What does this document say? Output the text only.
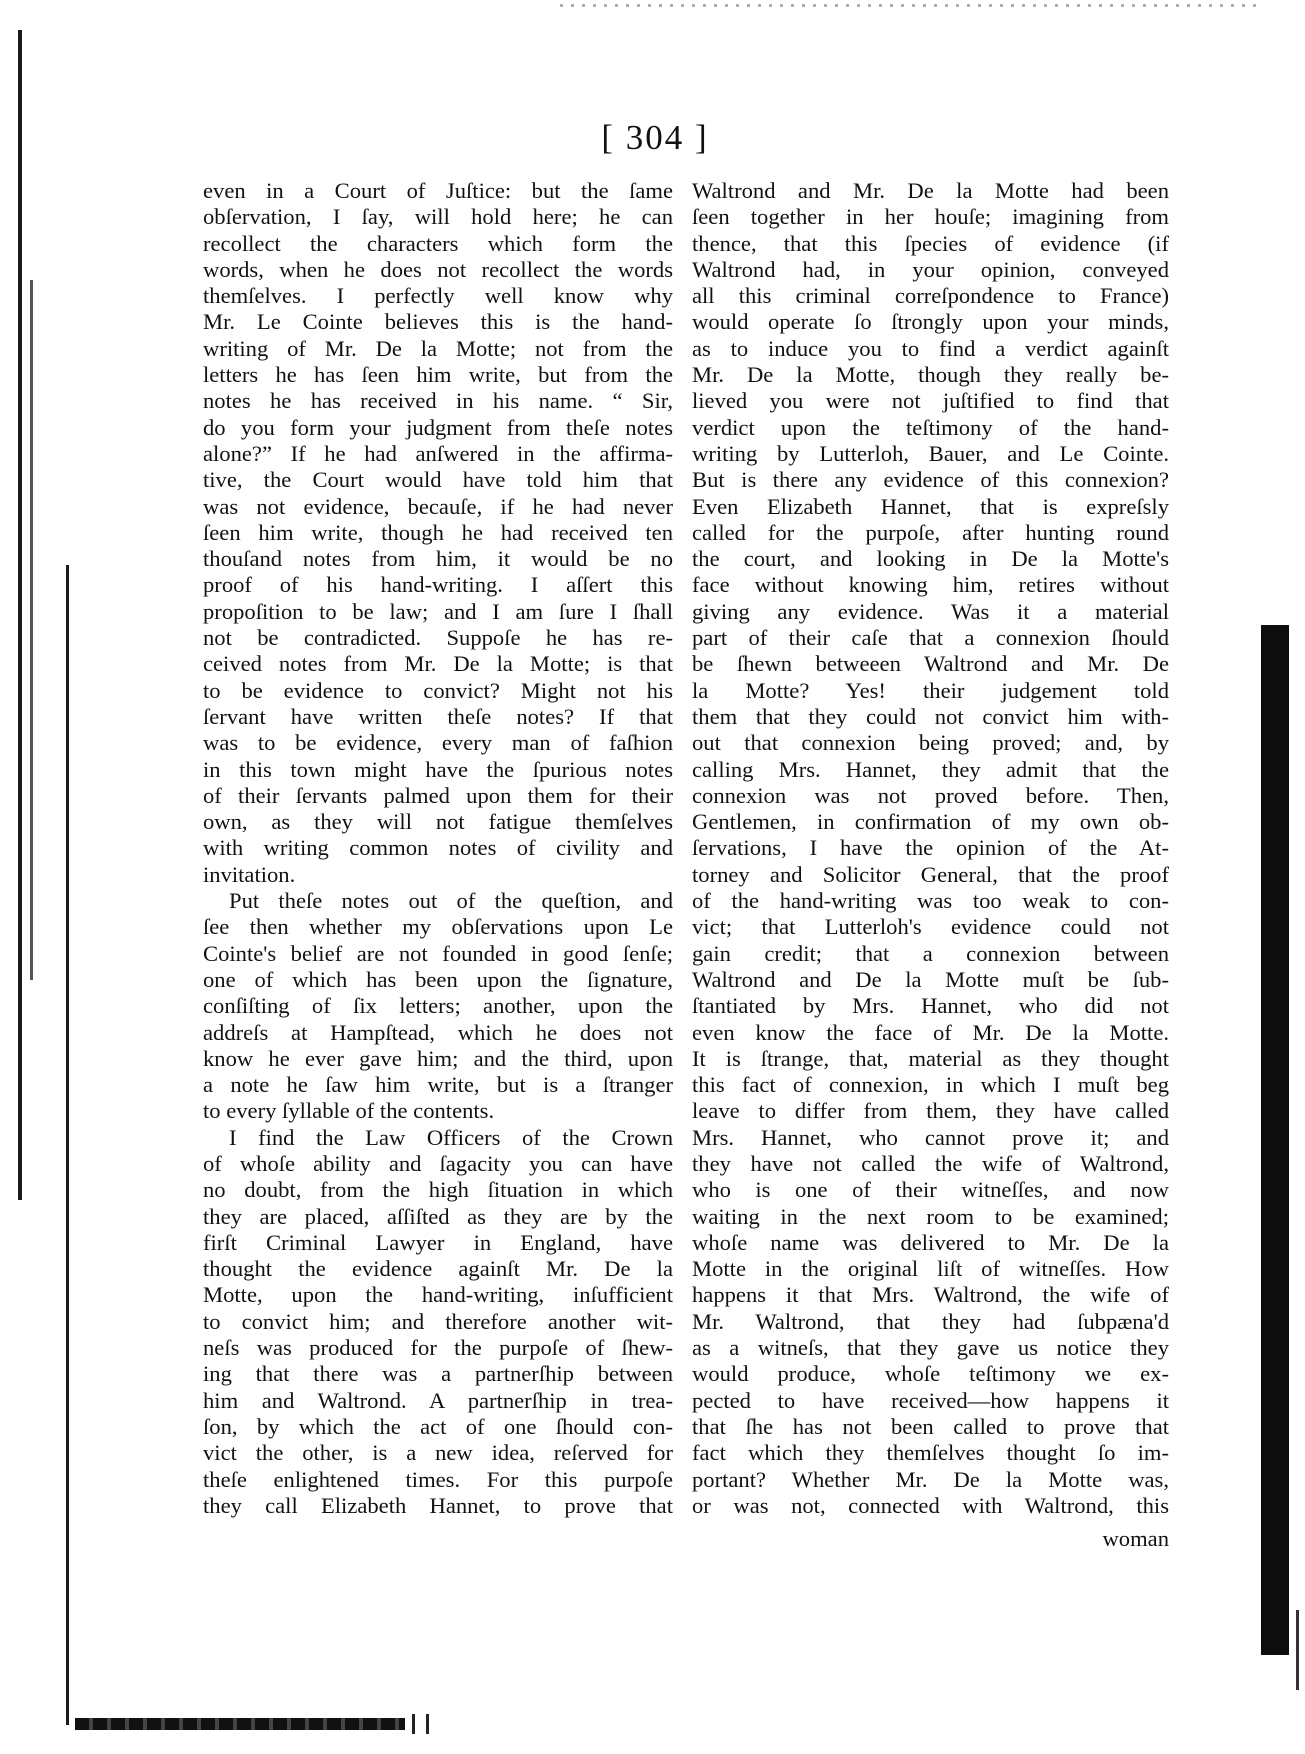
[ 304 ]
even in a Court of Juſtice: but the ſame
obſervation, I ſay, will hold here; he can
recollect the characters which form the
words, when he does not recollect the words
themſelves. I perfectly well know why
Mr. Le Cointe believes this is the hand-
writing of Mr. De la Motte; not from the
letters he has ſeen him write, but from the
notes he has received in his name. “ Sir,
do you form your judgment from theſe notes
alone?” If he had anſwered in the affirma-
tive, the Court would have told him that
was not evidence, becauſe, if he had never
ſeen him write, though he had received ten
thouſand notes from him, it would be no
proof of his hand-writing. I aſſert this
propoſition to be law; and I am ſure I ſhall
not be contradicted. Suppoſe he has re-
ceived notes from Mr. De la Motte; is that
to be evidence to convict? Might not his
ſervant have written theſe notes? If that
was to be evidence, every man of faſhion
in this town might have the ſpurious notes
of their ſervants palmed upon them for their
own, as they will not fatigue themſelves
with writing common notes of civility and
invitation.
Put theſe notes out of the queſtion, and
ſee then whether my obſervations upon Le
Cointe's belief are not founded in good ſenſe;
one of which has been upon the ſignature,
conſiſting of ſix letters; another, upon the
addreſs at Hampſtead, which he does not
know he ever gave him; and the third, upon
a note he ſaw him write, but is a ſtranger
to every ſyllable of the contents.
I find the Law Officers of the Crown
of whoſe ability and ſagacity you can have
no doubt, from the high ſituation in which
they are placed, aſſiſted as they are by the
firſt Criminal Lawyer in England, have
thought the evidence againſt Mr. De la
Motte, upon the hand-writing, inſufficient
to convict him; and therefore another wit-
neſs was produced for the purpoſe of ſhew-
ing that there was a partnerſhip between
him and Waltrond. A partnerſhip in trea-
ſon, by which the act of one ſhould con-
vict the other, is a new idea, reſerved for
theſe enlightened times. For this purpoſe
they call Elizabeth Hannet, to prove that
Waltrond and Mr. De la Motte had been
ſeen together in her houſe; imagining from
thence, that this ſpecies of evidence (if
Waltrond had, in your opinion, conveyed
all this criminal correſpondence to France)
would operate ſo ſtrongly upon your minds,
as to induce you to find a verdict againſt
Mr. De la Motte, though they really be-
lieved you were not juſtified to find that
verdict upon the teſtimony of the hand-
writing by Lutterloh, Bauer, and Le Cointe.
But is there any evidence of this connexion?
Even Elizabeth Hannet, that is expreſsly
called for the purpoſe, after hunting round
the court, and looking in De la Motte's
face without knowing him, retires without
giving any evidence. Was it a material
part of their caſe that a connexion ſhould
be ſhewn betweeen Waltrond and Mr. De
la Motte? Yes! their judgement told
them that they could not convict him with-
out that connexion being proved; and, by
calling Mrs. Hannet, they admit that the
connexion was not proved before. Then,
Gentlemen, in confirmation of my own ob-
ſervations, I have the opinion of the At-
torney and Solicitor General, that the proof
of the hand-writing was too weak to con-
vict; that Lutterloh's evidence could not
gain credit; that a connexion between
Waltrond and De la Motte muſt be ſub-
ſtantiated by Mrs. Hannet, who did not
even know the face of Mr. De la Motte.
It is ſtrange, that, material as they thought
this fact of connexion, in which I muſt beg
leave to differ from them, they have called
Mrs. Hannet, who cannot prove it; and
they have not called the wife of Waltrond,
who is one of their witneſſes, and now
waiting in the next room to be examined;
whoſe name was delivered to Mr. De la
Motte in the original liſt of witneſſes. How
happens it that Mrs. Waltrond, the wife of
Mr. Waltrond, that they had ſubpæna'd
as a witneſs, that they gave us notice they
would produce, whoſe teſtimony we ex-
pected to have received—how happens it
that ſhe has not been called to prove that
fact which they themſelves thought ſo im-
portant? Whether Mr. De la Motte was,
or was not, connected with Waltrond, this
woman
